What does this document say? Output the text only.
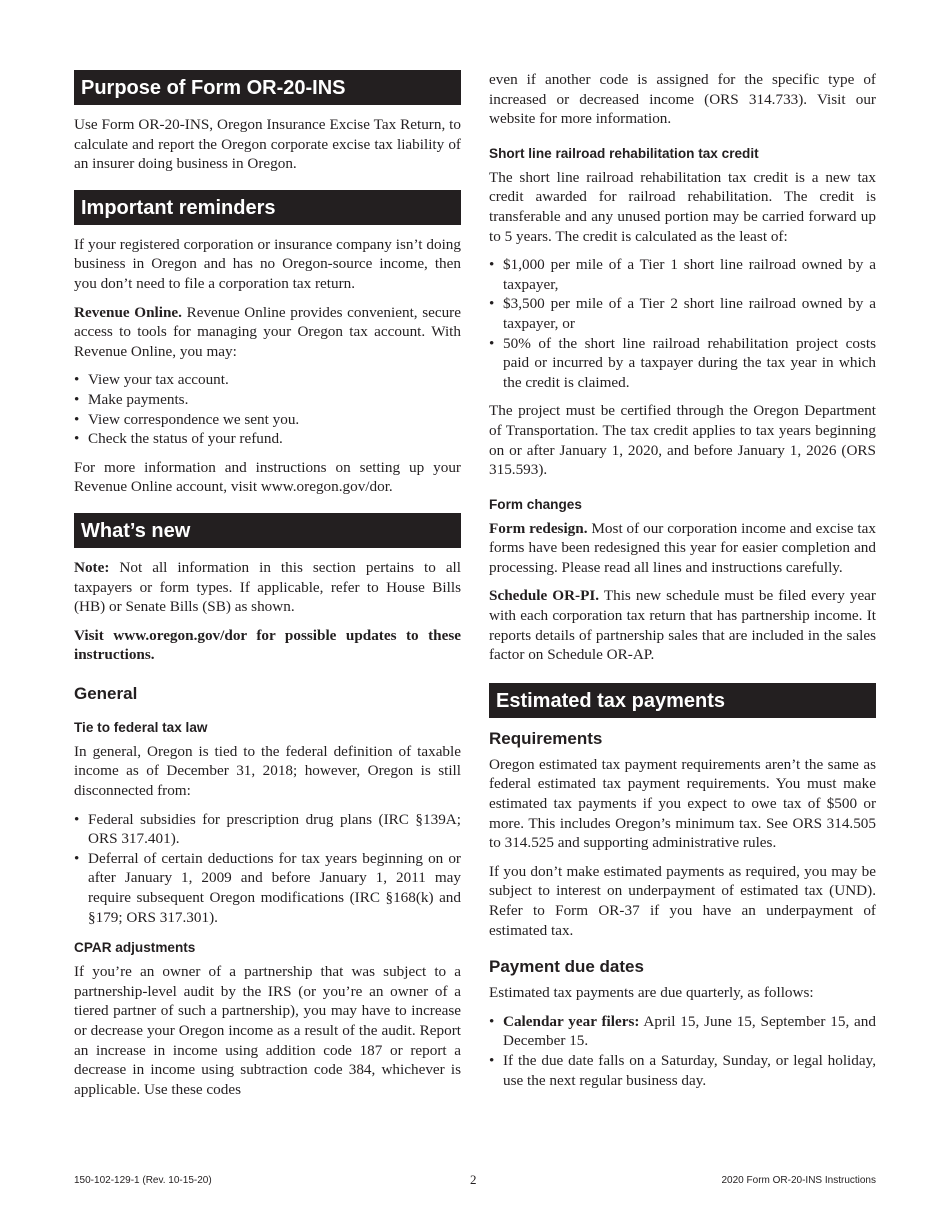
Purpose of Form OR-20-INS

Use Form OR-20-INS, Oregon Insurance Excise Tax Return, to calculate and report the Oregon corporate excise tax liability of an insurer doing business in Oregon.

Important reminders

If your registered corporation or insurance company isn’t doing business in Oregon and has no Oregon-source income, then you don’t need to file a corporation tax return.

Revenue Online. Revenue Online provides convenient, secure access to tools for managing your Oregon tax account. With Revenue Online, you may:

• View your tax account.
• Make payments.
• View correspondence we sent you.
• Check the status of your refund.

For more information and instructions on setting up your Revenue Online account, visit www.oregon.gov/dor.

What’s new

Note: Not all information in this section pertains to all taxpayers or form types. If applicable, refer to House Bills (HB) or Senate Bills (SB) as shown.

Visit www.oregon.gov/dor for possible updates to these instructions.

General
Tie to federal tax law

In general, Oregon is tied to the federal definition of taxable income as of December 31, 2018; however, Oregon is still disconnected from:

• Federal subsidies for prescription drug plans (IRC §139A; ORS 317.401).
• Deferral of certain deductions for tax years beginning on or after January 1, 2009 and before January 1, 2011 may require subsequent Oregon modifications (IRC §168(k) and §179; ORS 317.301).
CPAR adjustments

If you’re an owner of a partnership that was subject to a partnership-level audit by the IRS (or you’re an owner of a tiered partner of such a partnership), you may have to increase or decrease your Oregon income as a result of the audit. Report an increase in income using addition code 187 or report a decrease in income using subtraction code 384, whichever is applicable. Use these codes

even if another code is assigned for the specific type of increased or decreased income (ORS 314.733). Visit our website for more information.

Short line railroad rehabilitation tax credit

The short line railroad rehabilitation tax credit is a new tax credit awarded for railroad rehabilitation. The credit is transferable and any unused portion may be carried forward up to 5 years. The credit is calculated as the least of:

• $1,000 per mile of a Tier 1 short line railroad owned by a taxpayer,
• $3,500 per mile of a Tier 2 short line railroad owned by a taxpayer, or
• 50% of the short line railroad rehabilitation project costs paid or incurred by a taxpayer during the tax year in which the credit is claimed.

The project must be certified through the Oregon Department of Transportation. The tax credit applies to tax years beginning on or after January 1, 2020, and before January 1, 2026 (ORS 315.593).

Form changes

Form redesign. Most of our corporation income and excise tax forms have been redesigned this year for easier completion and processing. Please read all lines and instructions carefully.

Schedule OR-PI. This new schedule must be filed every year with each corporation tax return that has partnership income. It reports details of partnership sales that are included in the sales factor on Schedule OR-AP.

Estimated tax payments
Requirements

Oregon estimated tax payment requirements aren’t the same as federal estimated tax payment requirements. You must make estimated tax payments if you expect to owe tax of $500 or more. This includes Oregon’s minimum tax. See ORS 314.505 to 314.525 and supporting administrative rules.

If you don’t make estimated payments as required, you may be subject to interest on underpayment of estimated tax (UND). Refer to Form OR-37 if you have an underpayment of estimated tax.

Payment due dates

Estimated tax payments are due quarterly, as follows:

• Calendar year filers: April 15, June 15, September 15, and December 15.
• If the due date falls on a Saturday, Sunday, or legal holiday, use the next regular business day.
150-102-129-1 (Rev. 10-15-20)	2	2020 Form OR-20-INS Instructions
